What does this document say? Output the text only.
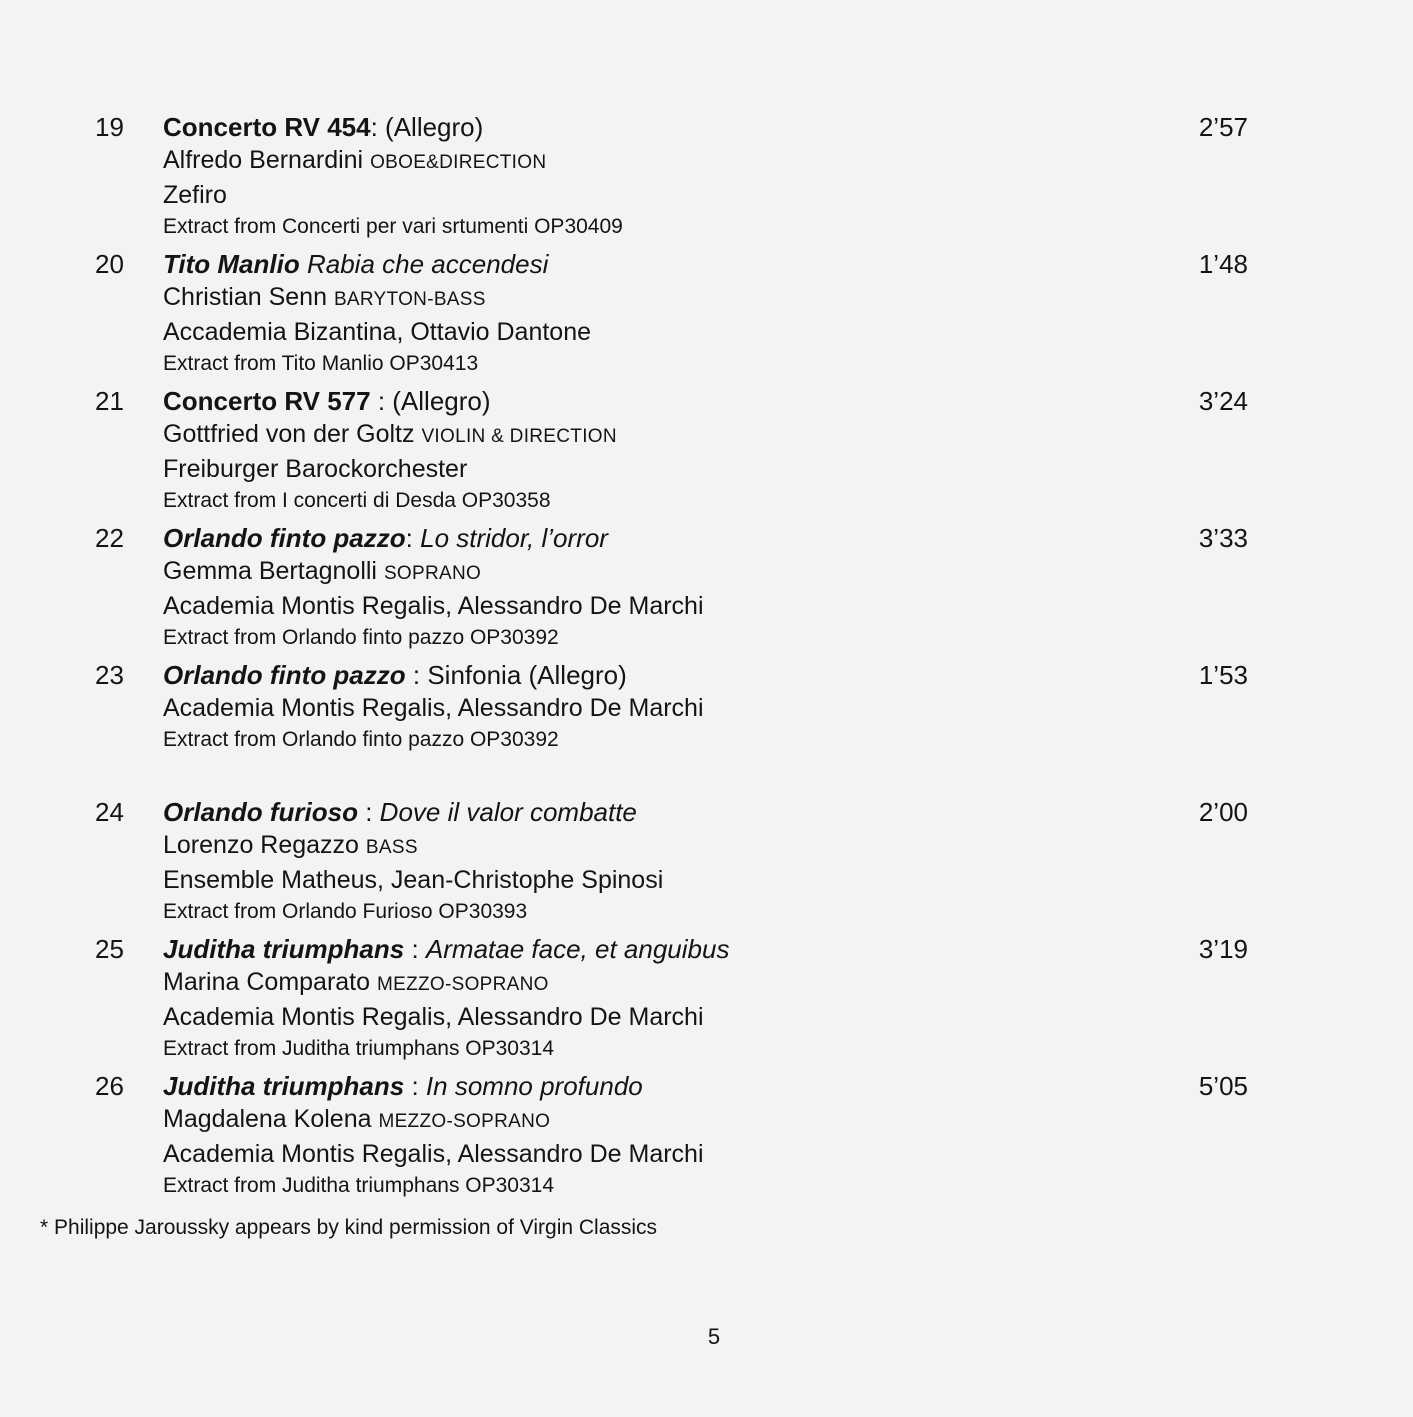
19 Concerto RV 454: (Allegro)
Alfredo Bernardini OBOE&DIRECTION
Zefiro
Extract from Concerti per vari srtumenti OP30409
2’57
20 Tito Manlio Rabia che accendesi
Christian Senn BARYTON-BASS
Accademia Bizantina, Ottavio Dantone
Extract from Tito Manlio OP30413
1’48
21 Concerto RV 577 : (Allegro)
Gottfried von der Goltz VIOLIN & DIRECTION
Freiburger Barockorchester
Extract from I concerti di Desda OP30358
3’24
22 Orlando finto pazzo: Lo stridor, l’orror
Gemma Bertagnolli SOPRANO
Academia Montis Regalis, Alessandro De Marchi
Extract from Orlando finto pazzo OP30392
3’33
23 Orlando finto pazzo : Sinfonia (Allegro)
Academia Montis Regalis, Alessandro De Marchi
Extract from Orlando finto pazzo OP30392
1’53
24 Orlando furioso : Dove il valor combatte
Lorenzo Regazzo BASS
Ensemble Matheus, Jean-Christophe Spinosi
Extract from Orlando Furioso OP30393
2’00
25 Juditha triumphans : Armatae face, et anguibus
Marina Comparato MEZZO-SOPRANO
Academia Montis Regalis, Alessandro De Marchi
Extract from Juditha triumphans OP30314
3’19
26 Juditha triumphans : In somno profundo
Magdalena Kolena MEZZO-SOPRANO
Academia Montis Regalis, Alessandro De Marchi
Extract from Juditha triumphans OP30314
5’05
* Philippe Jaroussky appears by kind permission of Virgin Classics
5
